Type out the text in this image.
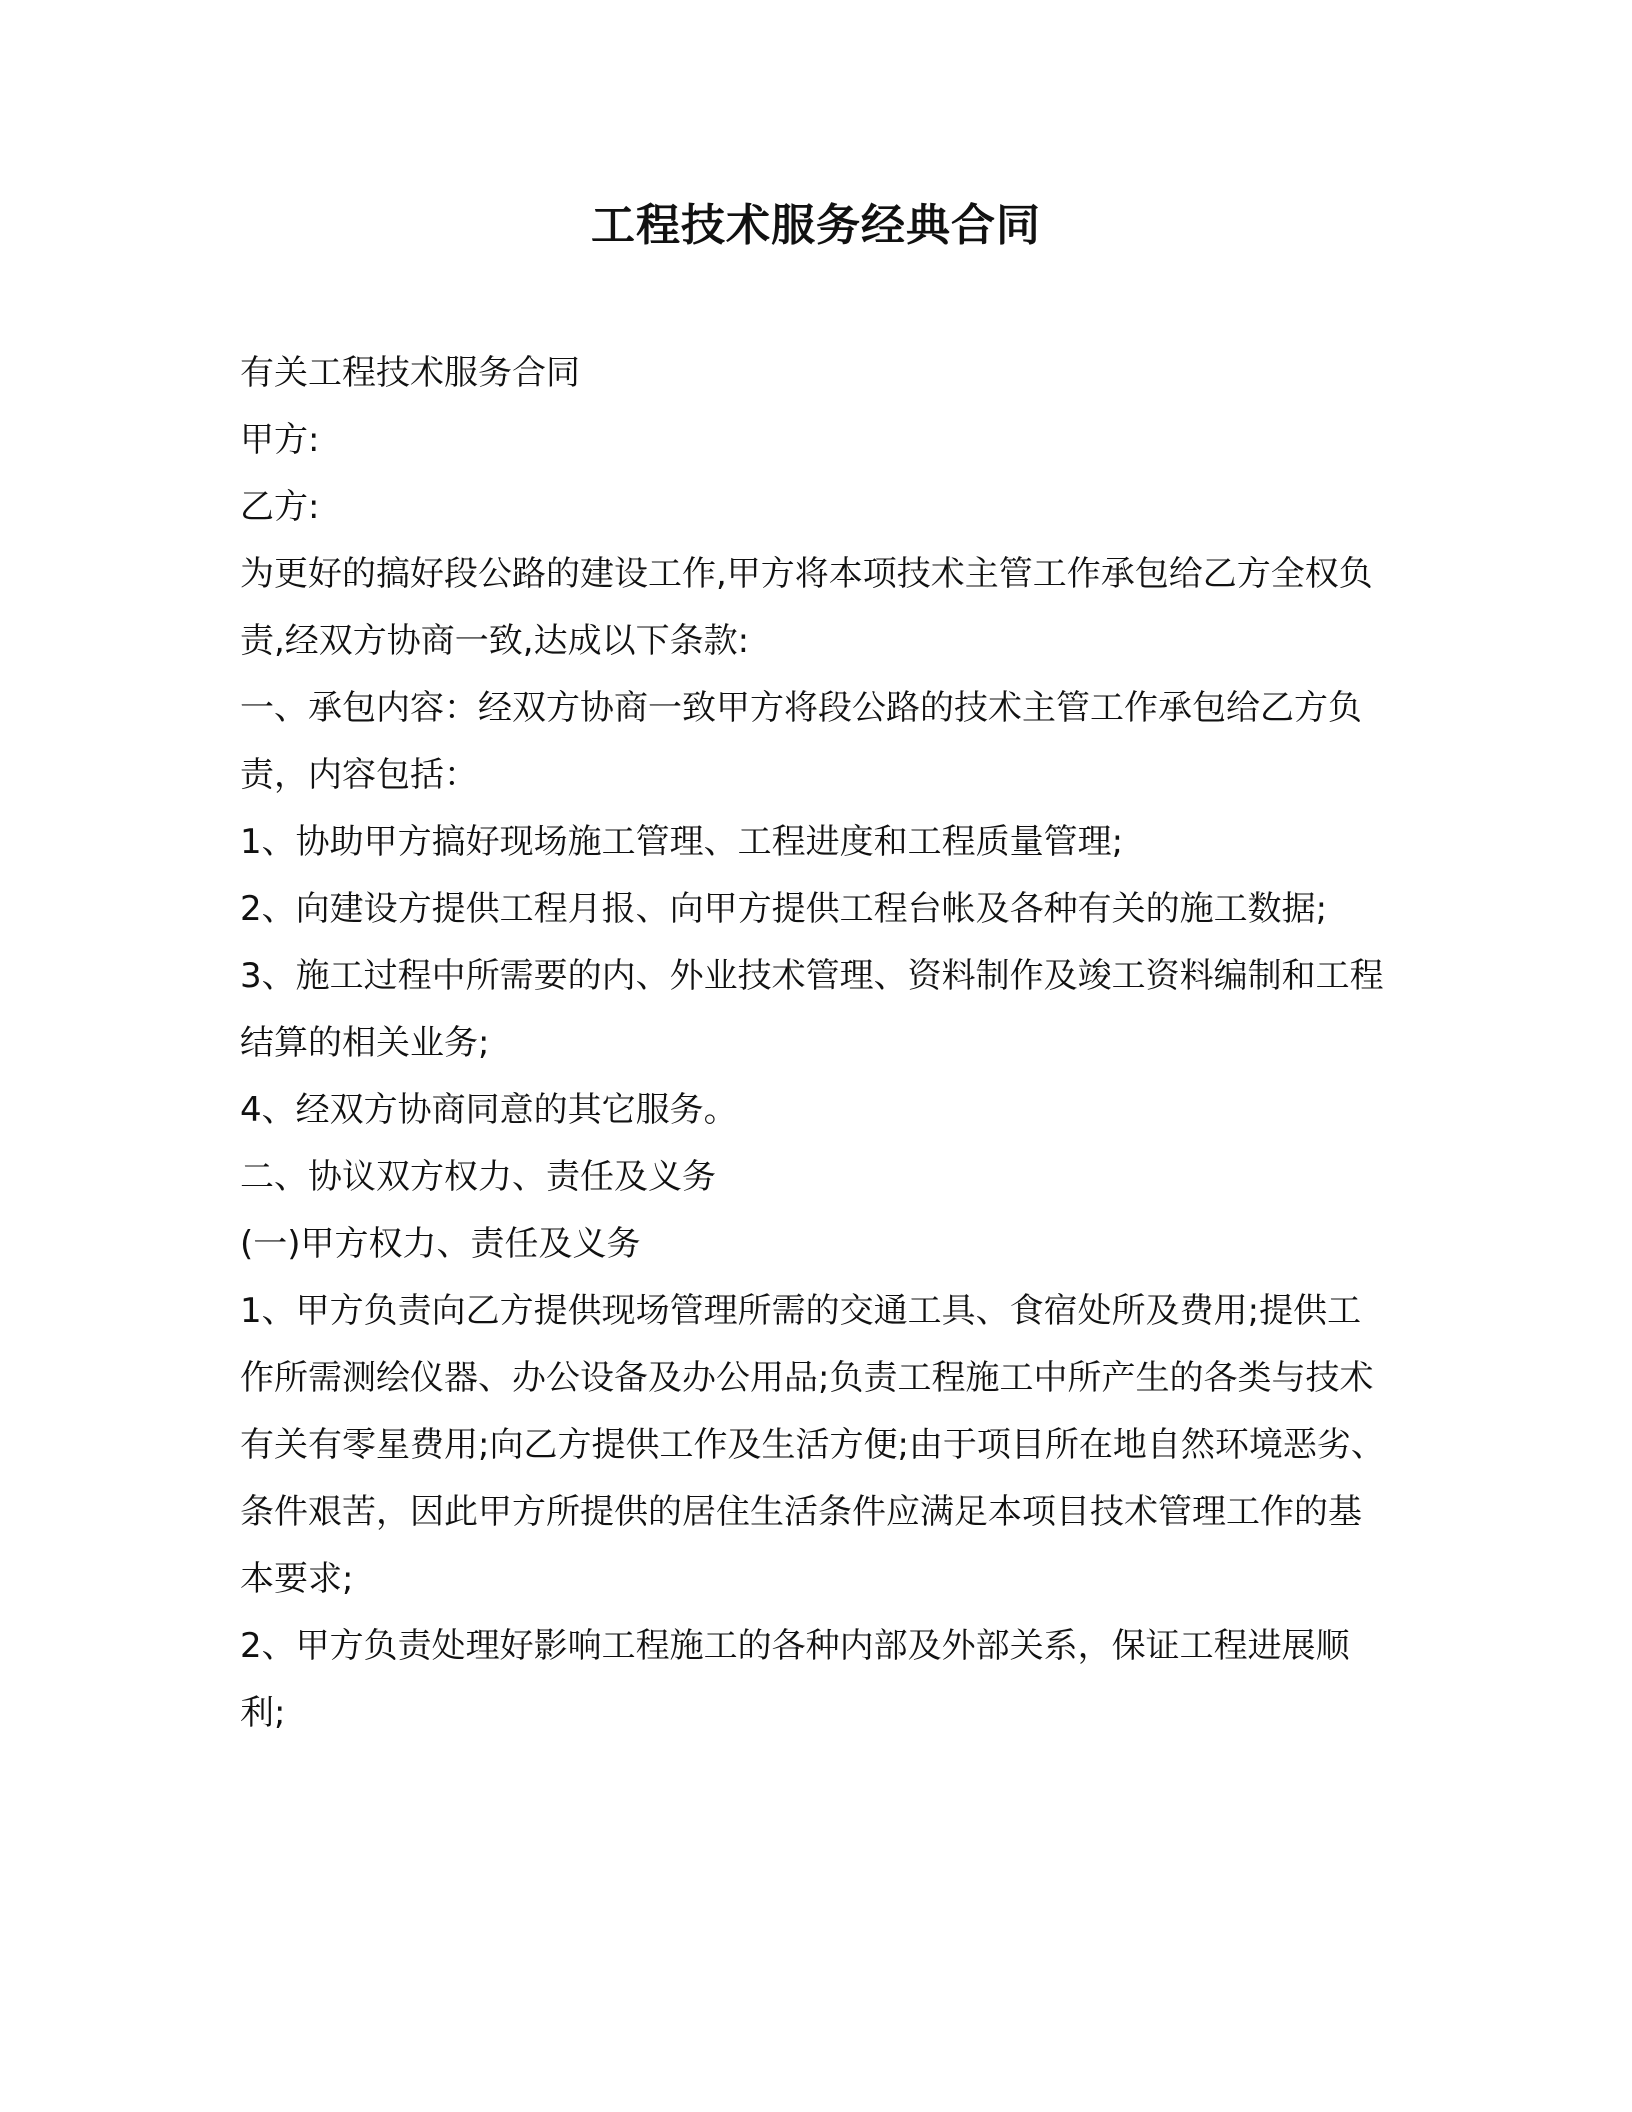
工程技术服务经典合同

有关工程技术服务合同

甲方:

乙方:

为更好的搞好段公路的建设工作,甲方将本项技术主管工作承包给乙方全权负责,经双方协商一致,达成以下条款:

一、承包内容：经双方协商一致甲方将段公路的技术主管工作承包给乙方负责，内容包括：

1、协助甲方搞好现场施工管理、工程进度和工程质量管理;

2、向建设方提供工程月报、向甲方提供工程台帐及各种有关的施工数据;

3、施工过程中所需要的内、外业技术管理、资料制作及竣工资料编制和工程结算的相关业务;

4、经双方协商同意的其它服务。

二、协议双方权力、责任及义务

(一)甲方权力、责任及义务

1、甲方负责向乙方提供现场管理所需的交通工具、食宿处所及费用;提供工作所需测绘仪器、办公设备及办公用品;负责工程施工中所产生的各类与技术有关有零星费用;向乙方提供工作及生活方便;由于项目所在地自然环境恶劣、条件艰苦，因此甲方所提供的居住生活条件应满足本项目技术管理工作的基本要求;

2、甲方负责处理好影响工程施工的各种内部及外部关系，保证工程进展顺利;
